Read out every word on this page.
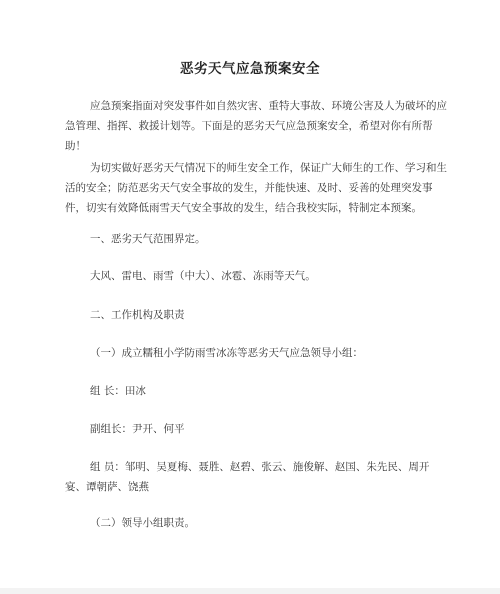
恶劣天气应急预案安全

应急预案指面对突发事件如自然灾害、重特大事故、环境公害及人为破坏的应急管理、指挥、救援计划等。下面是的恶劣天气应急预案安全，希望对你有所帮助！

为切实做好恶劣天气情况下的师生安全工作，保证广大师生的工作、学习和生活的安全；防范恶劣天气安全事故的发生，并能快速、及时、妥善的处理突发事件，切实有效降低雨雪天气安全事故的发生，结合我校实际，特制定本预案。

一、恶劣天气范围界定。

大风、雷电、雨雪（中大）、冰雹、冻雨等天气。

二、工作机构及职责

（一）成立糯租小学防雨雪冰冻等恶劣天气应急领导小组：

组 长：田冰

副组长：尹开、何平

组 员：邹明、吴夏梅、聂胜、赵碧、张云、施俊解、赵国、朱先民、周开宴、谭朝萨、饶燕

（二）领导小组职责。
